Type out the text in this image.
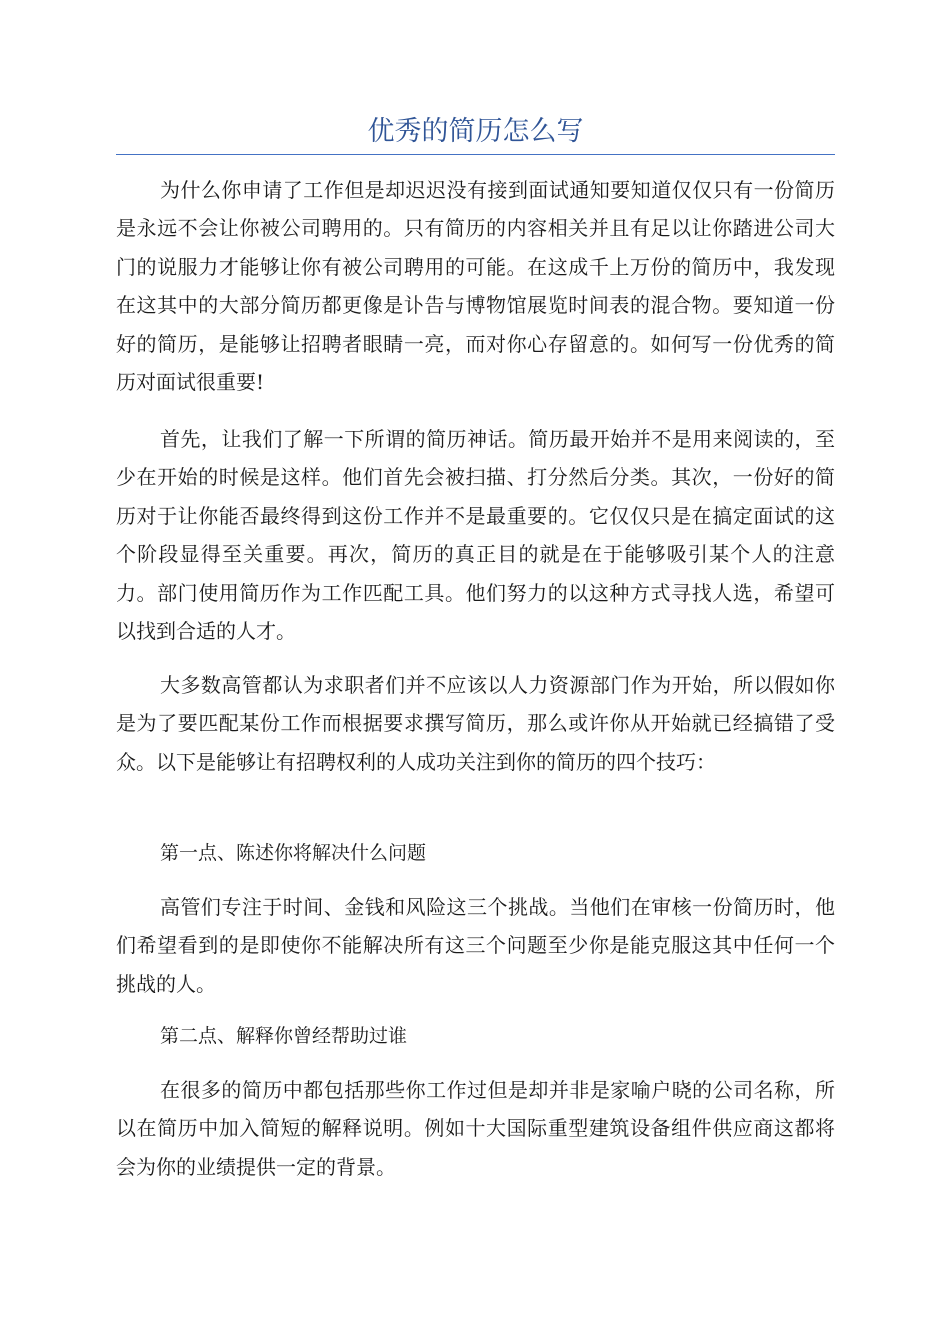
优秀的简历怎么写

为什么你申请了工作但是却迟迟没有接到面试通知要知道仅仅只有一份简历是永远不会让你被公司聘用的。只有简历的内容相关并且有足以让你踏进公司大门的说服力才能够让你有被公司聘用的可能。在这成千上万份的简历中，我发现在这其中的大部分简历都更像是讣告与博物馆展览时间表的混合物。要知道一份好的简历，是能够让招聘者眼睛一亮，而对你心存留意的。如何写一份优秀的简历对面试很重要!

首先，让我们了解一下所谓的简历神话。简历最开始并不是用来阅读的，至少在开始的时候是这样。他们首先会被扫描、打分然后分类。其次，一份好的简历对于让你能否最终得到这份工作并不是最重要的。它仅仅只是在搞定面试的这个阶段显得至关重要。再次，简历的真正目的就是在于能够吸引某个人的注意力。部门使用简历作为工作匹配工具。他们努力的以这种方式寻找人选，希望可以找到合适的人才。

大多数高管都认为求职者们并不应该以人力资源部门作为开始，所以假如你是为了要匹配某份工作而根据要求撰写简历，那么或许你从开始就已经搞错了受众。以下是能够让有招聘权利的人成功关注到你的简历的四个技巧：

第一点、陈述你将解决什么问题

高管们专注于时间、金钱和风险这三个挑战。当他们在审核一份简历时，他们希望看到的是即使你不能解决所有这三个问题至少你是能克服这其中任何一个挑战的人。

第二点、解释你曾经帮助过谁

在很多的简历中都包括那些你工作过但是却并非是家喻户晓的公司名称，所以在简历中加入简短的解释说明。例如十大国际重型建筑设备组件供应商这都将会为你的业绩提供一定的背景。
